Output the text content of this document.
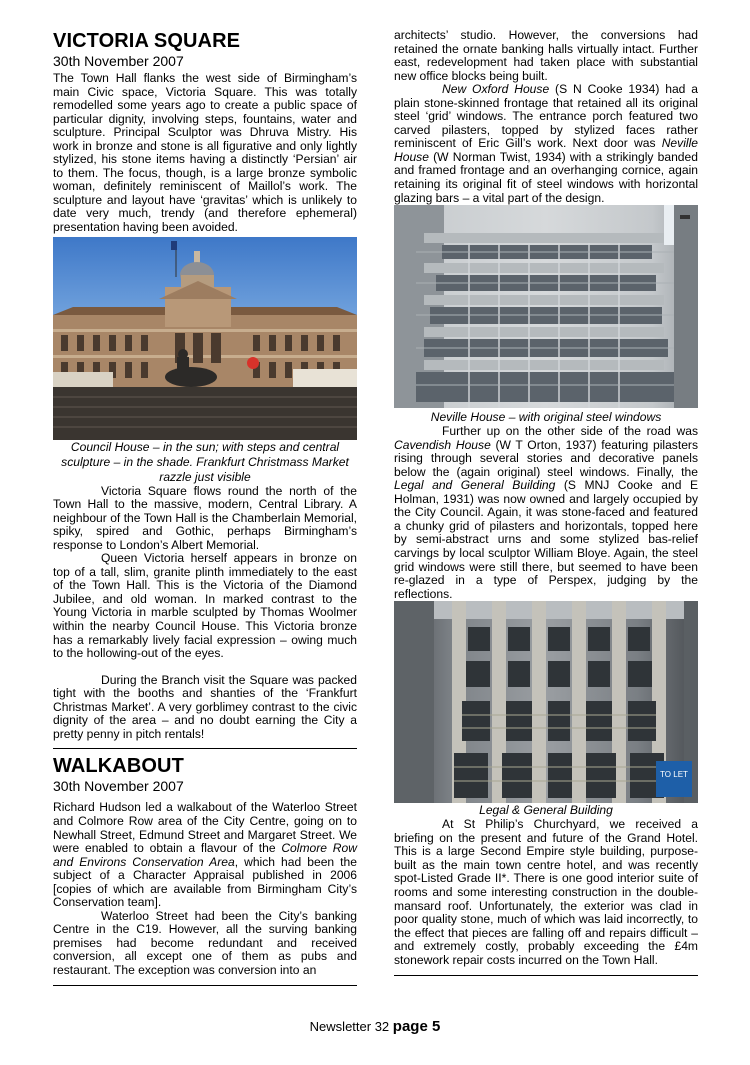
VICTORIA SQUARE
30th November 2007

The Town Hall flanks the west side of Birmingham’s main Civic space, Victoria Square. This was totally remodelled some years ago to create a public space of particular dignity, involving steps, fountains, water and sculpture. Principal Sculptor was Dhruva Mistry. His work in bronze and stone is all figurative and only lightly stylized, his stone items having a distinctly ‘Persian’ air to them. The focus, though, is a large bronze symbolic woman, definitely reminiscent of Maillol’s work. The sculpture and layout have ‘gravitas’ which is unlikely to date very much, trendy (and therefore ephemeral) presentation having been avoided.

Council House – in the sun; with steps and central sculpture – in the shade. Frankfurt Christmass Market razzle just visible

Victoria Square flows round the north of the Town Hall to the massive, modern, Central Library. A neighbour of the Town Hall is the Chamberlain Memorial, spiky, spired and Gothic, perhaps Birmingham’s response to London’s Albert Memorial.

Queen Victoria herself appears in bronze on top of a tall, slim, granite plinth immediately to the east of the Town Hall. This is the Victoria of the Diamond Jubilee, and old woman. In marked contrast to the Young Victoria in marble sculpted by Thomas Woolmer within the nearby Council House. This Victoria bronze has a remarkably lively facial expression – owing much to the hollowing-out of the eyes.

During the Branch visit the Square was packed tight with the booths and shanties of the ‘Frankfurt Christmas Market’. A very gorblimey contrast to the civic dignity of the area – and no doubt earning the City a pretty penny in pitch rentals!

WALKABOUT
30th November 2007

Richard Hudson led a walkabout of the Waterloo Street and Colmore Row area of the City Centre, going on to Newhall Street, Edmund Street and Margaret Street. We were enabled to obtain a flavour of the Colmore Row and Environs Conservation Area, which had been the subject of a Character Appraisal published in 2006 [copies of which are available from Birmingham City’s Conservation team].

Waterloo Street had been the City’s banking Centre in the C19. However, all the surving banking premises had become redundant and received conversion, all except one of them as pubs and restaurant. The exception was conversion into an

architects’ studio. However, the conversions had retained the ornate banking halls virtually intact. Further east, redevelopment had taken place with substantial new office blocks being built.

New Oxford House (S N Cooke 1934) had a plain stone-skinned frontage that retained all its original steel ‘grid’ windows. The entrance porch featured two carved pilasters, topped by stylized faces rather reminiscent of Eric Gill’s work. Next door was Neville House (W Norman Twist, 1934) with a strikingly banded and framed frontage and an overhanging cornice, again retaining its original fit of steel windows with horizontal glazing bars – a vital part of the design.

Neville House – with original steel windows

Further up on the other side of the road was Cavendish House (W T Orton, 1937) featuring pilasters rising through several stories and decorative panels below the (again original) steel windows. Finally, the Legal and General Building (S MNJ Cooke and E Holman, 1931) was now owned and largely occupied by the City Council. Again, it was stone-faced and featured a chunky grid of pilasters and horizontals, topped here by semi-abstract urns and some stylized bas-relief carvings by local sculptor William Bloye. Again, the steel grid windows were still there, but seemed to have been re-glazed in a type of Perspex, judging by the reflections.

TO LET
Legal & General Building

At St Philip’s Churchyard, we received a briefing on the present and future of the Grand Hotel. This is a large Second Empire style building, purpose-built as the main town centre hotel, and was recently spot-Listed Grade II*. There is one good interior suite of rooms and some interesting construction in the double-mansard roof. Unfortunately, the exterior was clad in poor quality stone, much of which was laid incorrectly, to the effect that pieces are falling off and repairs difficult – and extremely costly, probably exceeding the £4m stonework repair costs incurred on the Town Hall.

Newsletter 32 page 5
